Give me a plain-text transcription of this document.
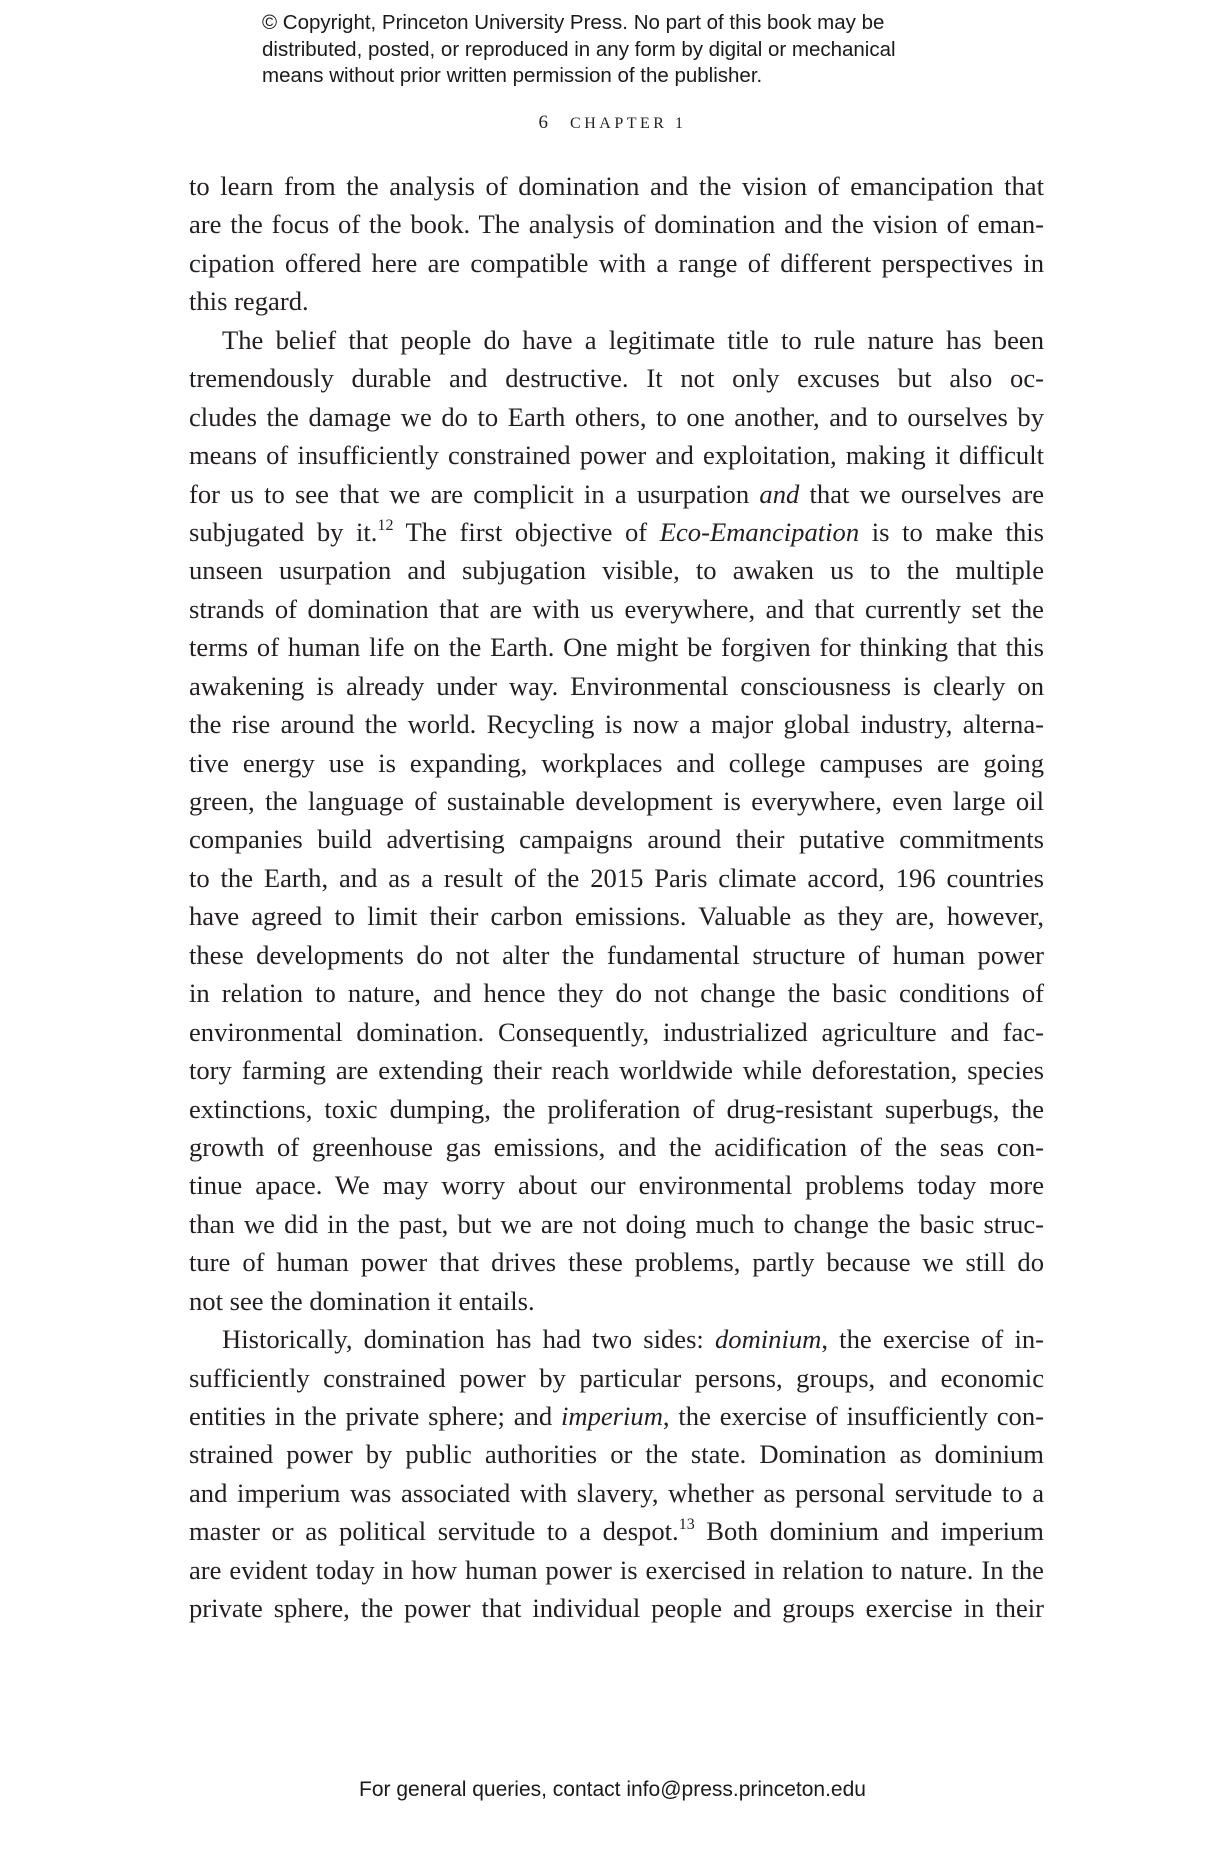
© Copyright, Princeton University Press. No part of this book may be
distributed, posted, or reproduced in any form by digital or mechanical
means without prior written permission of the publisher.
6 CHAPTER 1
to learn from the analysis of domination and the vision of emancipation that
are the focus of the book. The analysis of domination and the vision of eman-
cipation offered here are compatible with a range of different perspectives in
this regard.
The belief that people do have a legitimate title to rule nature has been
tremendously durable and destructive. It not only excuses but also oc-
cludes the damage we do to Earth others, to one another, and to ourselves by
means of insufficiently constrained power and exploitation, making it difficult
for us to see that we are complicit in a usurpation and that we ourselves are
subjugated by it.$^{12}$ The first objective of Eco-Emancipation is to make this
unseen usurpation and subjugation visible, to awaken us to the multiple
strands of domination that are with us everywhere, and that currently set the
terms of human life on the Earth. One might be forgiven for thinking that this
awakening is already under way. Environmental consciousness is clearly on
the rise around the world. Recycling is now a major global industry, alterna-
tive energy use is expanding, workplaces and college campuses are going
green, the language of sustainable development is everywhere, even large oil
companies build advertising campaigns around their putative commitments
to the Earth, and as a result of the 2015 Paris climate accord, 196 countries
have agreed to limit their carbon emissions. Valuable as they are, however,
these developments do not alter the fundamental structure of human power
in relation to nature, and hence they do not change the basic conditions of
environmental domination. Consequently, industrialized agriculture and fac-
tory farming are extending their reach worldwide while deforestation, species
extinctions, toxic dumping, the proliferation of drug-resistant superbugs, the
growth of greenhouse gas emissions, and the acidification of the seas con-
tinue apace. We may worry about our environmental problems today more
than we did in the past, but we are not doing much to change the basic struc-
ture of human power that drives these problems, partly because we still do
not see the domination it entails.
Historically, domination has had two sides: dominium, the exercise of in-
sufficiently constrained power by particular persons, groups, and economic
entities in the private sphere; and imperium, the exercise of insufficiently con-
strained power by public authorities or the state. Domination as dominium
and imperium was associated with slavery, whether as personal servitude to a
master or as political servitude to a despot.$^{13}$ Both dominium and imperium
are evident today in how human power is exercised in relation to nature. In the
private sphere, the power that individual people and groups exercise in their
For general queries, contact info@press.princeton.edu
